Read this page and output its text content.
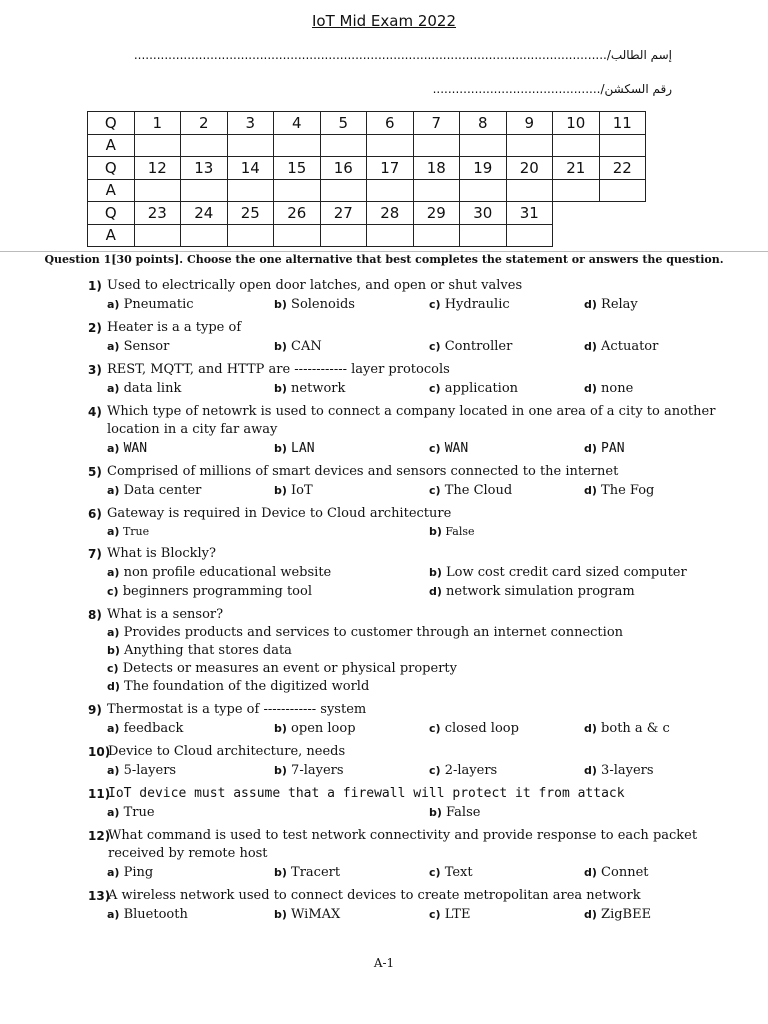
IoT Mid Exam 2022
إسم الطالب/............................................................................................................................
رقم السكشن/............................................
Q	1	2	3	4	5	6	7	8	9	10	11
A											
Q	12	13	14	15	16	17	18	19	20	21	22
A											
Q	23	24	25	26	27	28	29	30	31		
A											
Question 1[30 points]. Choose the one alternative that best completes the statement or answers the question.
1) Used to electrically open door latches, and open or shut valves
a) Pneumatic	b) Solenoids	c) Hydraulic	d) Relay
2) Heater is a a type of
a) Sensor	b) CAN	c) Controller	d) Actuator
3) REST, MQTT, and HTTP are ------------ layer protocols
a) data link	b) network	c) application	d) none
4) Which type of netowrk is used to connect a company located in one area of a city to another location in a city far away
a) WAN	b) LAN	c) WAN	d) PAN
5) Comprised of millions of smart devices and sensors connected to the internet
a) Data center	b) IoT	c) The Cloud	d) The Fog
6) Gateway is required in Device to Cloud architecture
a) True	b) False
7) What is Blockly?
a) non profile educational website	b) Low cost credit card sized computer
c) beginners programming tool	d) network simulation program
8) What is a sensor?
a) Provides products and services to customer through an internet connection
b) Anything that stores data
c) Detects or measures an event or physical property
d) The foundation of the digitized world
9) Thermostat is a type of ------------ system
a) feedback	b) open loop	c) closed loop	d) both a & c
10)
Device to Cloud architecture, needs
a) 5-layers	b) 7-layers	c) 2-layers	d) 3-layers
11)
IoT device must assume that a firewall will protect it from attack
a) True	b) False
12)
What command is used to test network connectivity and provide response to each packet received by remote host
a) Ping	b) Tracert	c) Text	d) Connet
13)
A wireless network used to connect devices to create metropolitan area network
a) Bluetooth	b) WiMAX	c) LTE	d) ZigBEE
A-1
